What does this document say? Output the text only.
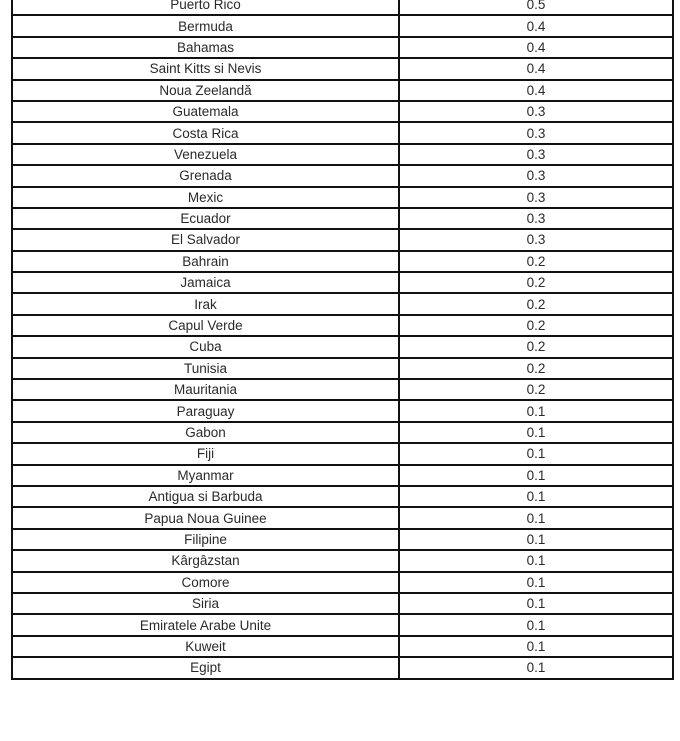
Puerto Rico	0.5
Bermuda	0.4
Bahamas	0.4
Saint Kitts si Nevis	0.4
Noua Zeelandă	0.4
Guatemala	0.3
Costa Rica	0.3
Venezuela	0.3
Grenada	0.3
Mexic	0.3
Ecuador	0.3
El Salvador	0.3
Bahrain	0.2
Jamaica	0.2
Irak	0.2
Capul Verde	0.2
Cuba	0.2
Tunisia	0.2
Mauritania	0.2
Paraguay	0.1
Gabon	0.1
Fiji	0.1
Myanmar	0.1
Antigua si Barbuda	0.1
Papua Noua Guinee	0.1
Filipine	0.1
Kârgâzstan	0.1
Comore	0.1
Siria	0.1
Emiratele Arabe Unite	0.1
Kuweit	0.1
Egipt	0.1
